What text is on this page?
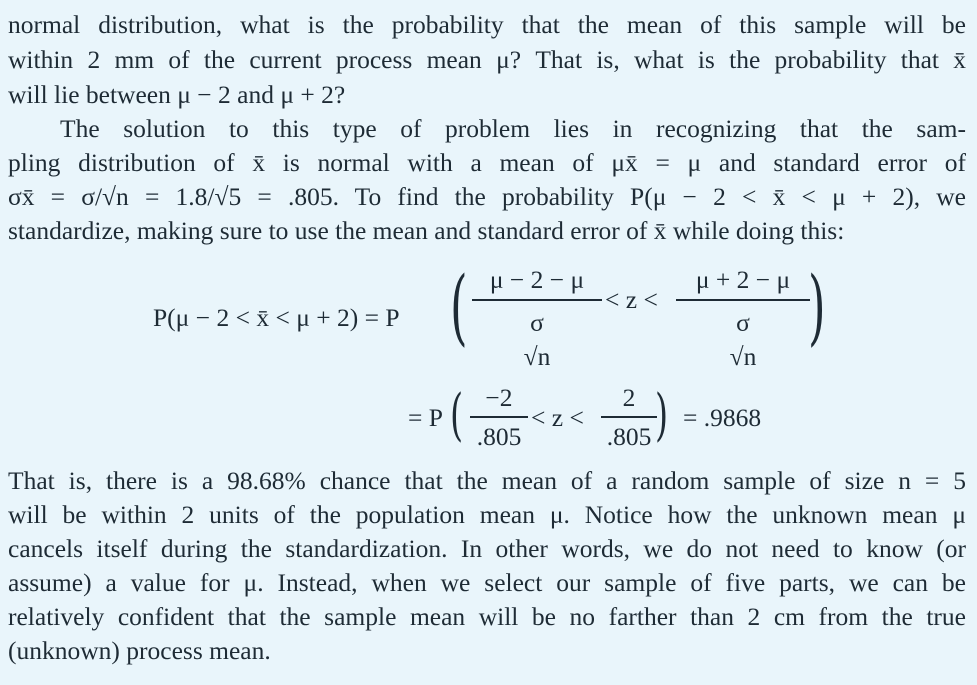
normal distribution, what is the probability that the mean of this sample will be
within 2 mm of the current process mean μ? That is, what is the probability that x̄
will lie between μ − 2 and μ + 2?
The solution to this type of problem lies in recognizing that the sam-
pling distribution of x̄ is normal with a mean of μx̄ = μ and standard error of
σx̄ = σ/√n = 1.8/√5 = .805. To find the probability P(μ − 2 < x̄ < μ + 2), we
standardize, making sure to use the mean and standard error of x̄ while doing this:
P(μ − 2 < x̄ < μ + 2) = P ( μ − 2 − μ
σ
√n
< z <
μ + 2 − μ
σ
√n
)
= P ( −2
.805
< z <
2
.805 ) = .9868
That is, there is a 98.68% chance that the mean of a random sample of size n = 5
will be within 2 units of the population mean μ. Notice how the unknown mean μ
cancels itself during the standardization. In other words, we do not need to know (or
assume) a value for μ. Instead, when we select our sample of five parts, we can be
relatively confident that the sample mean will be no farther than 2 cm from the true
(unknown) process mean.
